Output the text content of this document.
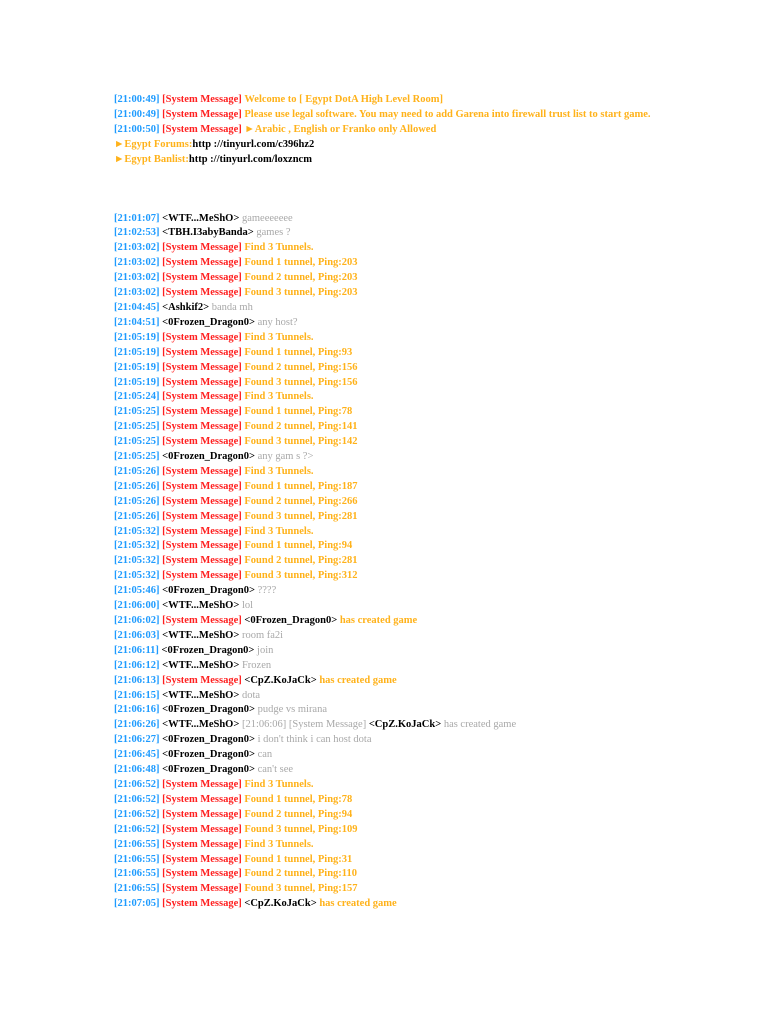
[21:00:49] [System Message] Welcome to [ Egypt DotA High Level Room]
[21:00:49] [System Message] Please use legal software. You may need to add Garena into firewall trust list to start game.
[21:00:50] [System Message] ►Arabic , English or Franko only Allowed
►Egypt Forums:http ://tinyurl.com/c396hz2
►Egypt Banlist:http ://tinyurl.com/loxzncm
[21:01:07] <WTF...MeShO> gameeeeeee
[21:02:53] <TBH.I3abyBanda> games ?
[21:03:02] [System Message] Find 3 Tunnels.
[21:03:02] [System Message] Found 1 tunnel, Ping:203
[21:03:02] [System Message] Found 2 tunnel, Ping:203
[21:03:02] [System Message] Found 3 tunnel, Ping:203
[21:04:45] <Ashkif2> banda mh
[21:04:51] <0Frozen_Dragon0> any host?
[21:05:19] [System Message] Find 3 Tunnels.
[21:05:19] [System Message] Found 1 tunnel, Ping:93
[21:05:19] [System Message] Found 2 tunnel, Ping:156
[21:05:19] [System Message] Found 3 tunnel, Ping:156
[21:05:24] [System Message] Find 3 Tunnels.
[21:05:25] [System Message] Found 1 tunnel, Ping:78
[21:05:25] [System Message] Found 2 tunnel, Ping:141
[21:05:25] [System Message] Found 3 tunnel, Ping:142
[21:05:25] <0Frozen_Dragon0> any gam s ?>
[21:05:26] [System Message] Find 3 Tunnels.
[21:05:26] [System Message] Found 1 tunnel, Ping:187
[21:05:26] [System Message] Found 2 tunnel, Ping:266
[21:05:26] [System Message] Found 3 tunnel, Ping:281
[21:05:32] [System Message] Find 3 Tunnels.
[21:05:32] [System Message] Found 1 tunnel, Ping:94
[21:05:32] [System Message] Found 2 tunnel, Ping:281
[21:05:32] [System Message] Found 3 tunnel, Ping:312
[21:05:46] <0Frozen_Dragon0> ????
[21:06:00] <WTF...MeShO> lol
[21:06:02] [System Message] <0Frozen_Dragon0> has created game
[21:06:03] <WTF...MeShO> room fa2i
[21:06:11] <0Frozen_Dragon0> join
[21:06:12] <WTF...MeShO> Frozen
[21:06:13] [System Message] <CpZ.KoJaCk> has created game
[21:06:15] <WTF...MeShO> dota
[21:06:16] <0Frozen_Dragon0> pudge vs mirana
[21:06:26] <WTF...MeShO> [21:06:06] [System Message] <CpZ.KoJaCk> has created game
[21:06:27] <0Frozen_Dragon0> i don't think i can host dota
[21:06:45] <0Frozen_Dragon0> can
[21:06:48] <0Frozen_Dragon0> can't see
[21:06:52] [System Message] Find 3 Tunnels.
[21:06:52] [System Message] Found 1 tunnel, Ping:78
[21:06:52] [System Message] Found 2 tunnel, Ping:94
[21:06:52] [System Message] Found 3 tunnel, Ping:109
[21:06:55] [System Message] Find 3 Tunnels.
[21:06:55] [System Message] Found 1 tunnel, Ping:31
[21:06:55] [System Message] Found 2 tunnel, Ping:110
[21:06:55] [System Message] Found 3 tunnel, Ping:157
[21:07:05] [System Message] <CpZ.KoJaCk> has created game
